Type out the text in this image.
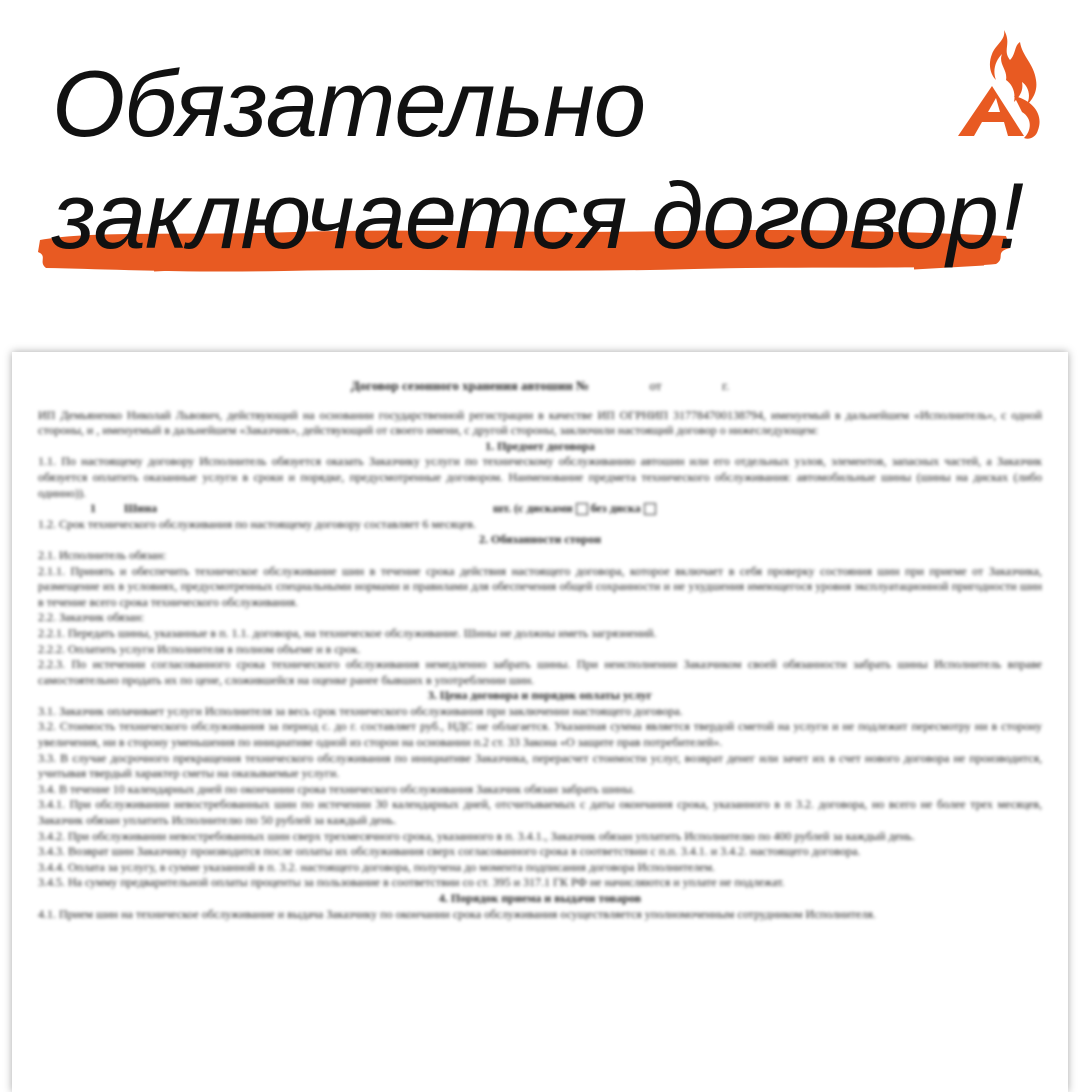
Обязательно
заключается договор!

Договор сезонного хранения автошин №	от	г.

ИП Демьяненко Николай Львович, действующий на основании государственной регистрации в качестве ИП ОГРНИП 317784700138794, именуемый в дальнейшем «Исполнитель», с одной стороны, и , именуемый в дальнейшем «Заказчик», действующий от своего имени, с другой стороны, заключили настоящий договор о нижеследующем:

1. Предмет договора

1.1. По настоящему договору Исполнитель обязуется оказать Заказчику услуги по техническому обслуживанию автошин или его отдельных узлов, элементов, запасных частей, а Заказчик обязуется оплатить оказанные услуги в сроки и порядке, предусмотренные договором. Наименование предмета технического обслуживания: автомобильные шины (шины на дисках (либо одинно)).

1 Шина	шт. (с дисками без диска

1.2. Срок технического обслуживания по настоящему договору составляет 6 месяцев.

2. Обязанности сторон

2.1. Исполнитель обязан:

2.1.1. Принять и обеспечить техническое обслуживание шин в течение срока действия настоящего договора, которое включает в себя проверку состояния шин при приеме от Заказчика, размещение их в условиях, предусмотренных специальными нормами и правилами для обеспечения общей сохранности и не ухудшения имеющегося уровня эксплуатационной пригодности шин в течение всего срока технического обслуживания.

2.2. Заказчик обязан:

2.2.1. Передать шины, указанные в п. 1.1. договора, на техническое обслуживание. Шины не должны иметь загрязнений.

2.2.2. Оплатить услуги Исполнителя в полном объеме и в срок.

2.2.3. По истечении согласованного срока технического обслуживания немедленно забрать шины. При неисполнении Заказчиком своей обязанности забрать шины Исполнитель вправе самостоятельно продать их по цене, сложившейся на оценке ранее бывших в употреблении шин.

3. Цена договора и порядок оплаты услуг

3.1. Заказчик оплачивает услуги Исполнителя за весь срок технического обслуживания при заключении настоящего договора.

3.2. Стоимость технического обслуживания за период с. до г. составляет руб., НДС не облагается. Указанная сумма является твердой сметой на услуги и не подлежит пересмотру ни в сторону увеличения, ни в сторону уменьшения по инициативе одной из сторон на основании п.2 ст. 33 Закона «О защите прав потребителей».

3.3. В случае досрочного прекращения технического обслуживания по инициативе Заказчика, перерасчет стоимости услуг, возврат денег или зачет их в счет нового договора не производится, учитывая твердый характер сметы на оказываемые услуги.

3.4. В течение 10 календарных дней по окончании срока технического обслуживания Заказчик обязан забрать шины.

3.4.1. При обслуживании невостребованных шин по истечении 30 календарных дней, отсчитываемых с даты окончания срока, указанного в п 3.2. договора, но всего не более трех месяцев, Заказчик обязан уплатить Исполнителю по 50 рублей за каждый день.

3.4.2. При обслуживании невостребованных шин сверх трехмесячного срока, указанного в п. 3.4.1., Заказчик обязан уплатить Исполнителю по 400 рублей за каждый день.

3.4.3. Возврат шин Заказчику производится после оплаты их обслуживания сверх согласованного срока в соответствии с п.п. 3.4.1. и 3.4.2. настоящего договора.

3.4.4. Оплата за услугу, в сумме указанной в п. 3.2. настоящего договора, получена до момента подписания договора Исполнителем.

3.4.5. На сумму предварительной оплаты проценты за пользование в соответствии со ст. 395 и 317.1 ГК РФ не начисляются и уплате не подлежат.

4. Порядок приема и выдачи товаров

4.1. Прием шин на техническое обслуживание и выдача Заказчику по окончании срока обслуживания осуществляется уполномоченным сотрудником Исполнителя.
